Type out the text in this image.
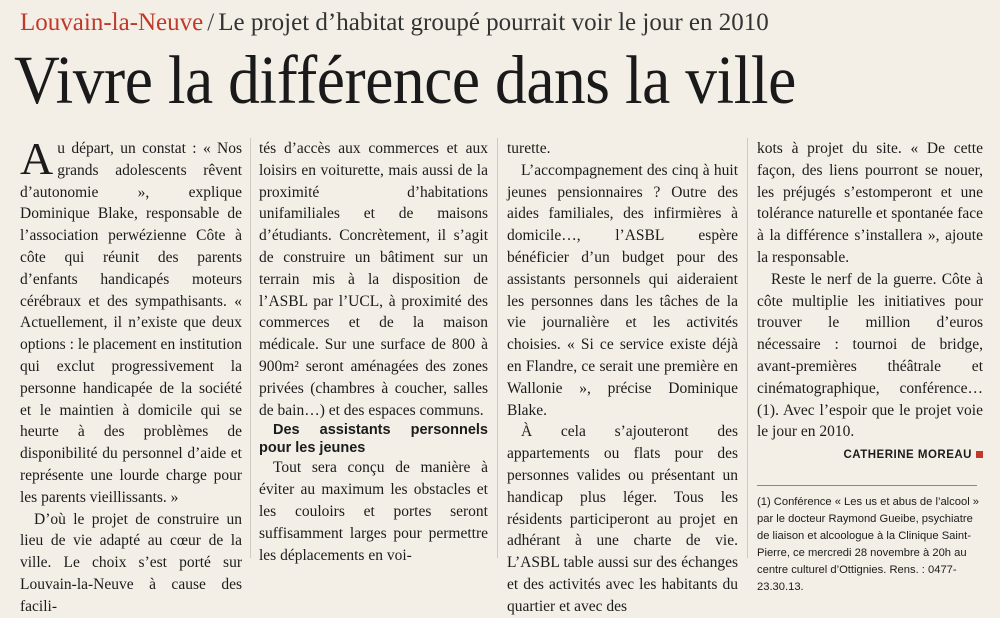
Louvain-la-Neuve / Le projet d’habitat groupé pourrait voir le jour en 2010
Vivre la différence dans la ville

Au départ, un constat : « Nos grands adolescents rêvent d’autonomie », explique Dominique Blake, responsable de l’association perwézienne Côte à côte qui réunit des parents d’enfants handicapés moteurs cérébraux et des sympathisants. « Actuellement, il n’existe que deux options : le placement en institution qui exclut progressivement la personne handicapée de la société et le maintien à domicile qui se heurte à des problèmes de disponibilité du personnel d’aide et représente une lourde charge pour les parents vieillissants. »

D’où le projet de construire un lieu de vie adapté au cœur de la ville. Le choix s’est porté sur Louvain-la-Neuve à cause des facili-

tés d’accès aux commerces et aux loisirs en voiturette, mais aussi de la proximité d’habitations unifamiliales et de maisons d’étudiants. Concrètement, il s’agit de construire un bâtiment sur un terrain mis à la disposition de l’ASBL par l’UCL, à proximité des commerces et de la maison médicale. Sur une surface de 800 à 900m² seront aménagées des zones privées (chambres à coucher, salles de bain…) et des espaces communs.

Des assistants personnels pour les jeunes

Tout sera conçu de manière à éviter au maximum les obstacles et les couloirs et portes seront suffisamment larges pour permettre les déplacements en voi-

turette.

L’accompagnement des cinq à huit jeunes pensionnaires ? Outre des aides familiales, des infirmières à domicile…, l’ASBL espère bénéficier d’un budget pour des assistants personnels qui aideraient les personnes dans les tâches de la vie journalière et les activités choisies. « Si ce service existe déjà en Flandre, ce serait une première en Wallonie », précise Dominique Blake.

À cela s’ajouteront des appartements ou flats pour des personnes valides ou présentant un handicap plus léger. Tous les résidents participeront au projet en adhérant à une charte de vie. L’ASBL table aussi sur des échanges et des activités avec les habitants du quartier et avec des

kots à projet du site. « De cette façon, des liens pourront se nouer, les préjugés s’estomperont et une tolérance naturelle et spontanée face à la différence s’installera », ajoute la responsable.

Reste le nerf de la guerre. Côte à côte multiplie les initiatives pour trouver le million d’euros nécessaire : tournoi de bridge, avant-premières théâtrale et cinématographique, conférence… (1). Avec l’espoir que le projet voie le jour en 2010.

CATHERINE MOREAU
(1) Conférence « Les us et abus de l’alcool » par le docteur Raymond Gueibe, psychiatre de liaison et alcoologue à la Clinique Saint-Pierre, ce mercredi 28 novembre à 20h au centre culturel d’Ottignies. Rens. : 0477-23.30.13.
